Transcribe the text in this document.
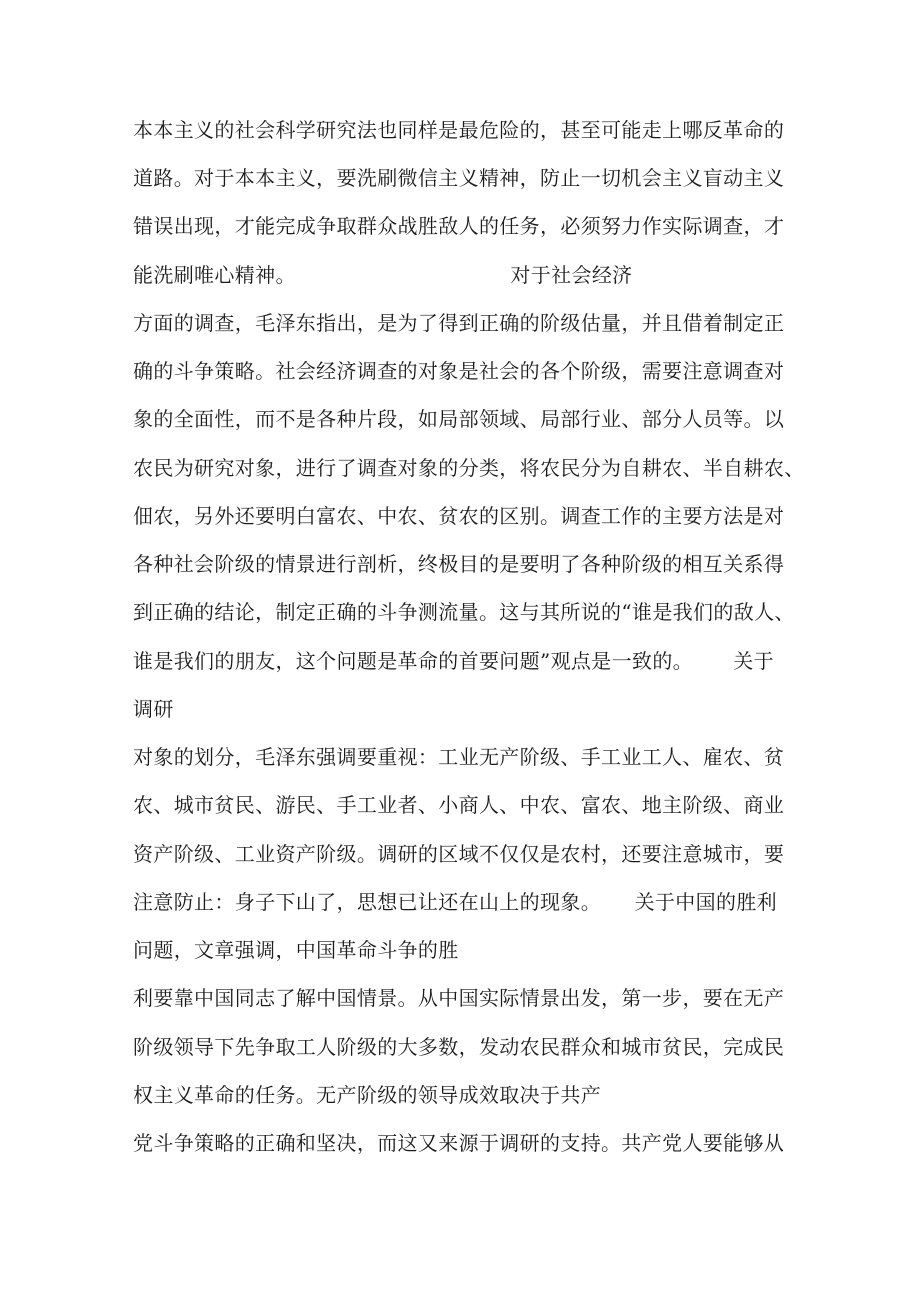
本本主义的社会科学研究法也同样是最危险的，甚至可能走上哪反革命的
道路。对于本本主义，要洗刷微信主义精神，防止一切机会主义盲动主义
错误出现，才能完成争取群众战胜敌人的任务，必须努力作实际调查，才
能洗刷唯心精神。                                对于社会经济
方面的调查，毛泽东指出，是为了得到正确的阶级估量，并且借着制定正
确的斗争策略。社会经济调查的对象是社会的各个阶级，需要注意调查对
象的全面性，而不是各种片段，如局部领域、局部行业、部分人员等。以
农民为研究对象，进行了调查对象的分类，将农民分为自耕农、半自耕农、
佃农，另外还要明白富农、中农、贫农的区别。调查工作的主要方法是对
各种社会阶级的情景进行剖析，终极目的是要明了各种阶级的相互关系得
到正确的结论，制定正确的斗争测流量。这与其所说的“谁是我们的敌人、
谁是我们的朋友，这个问题是革命的首要问题”观点是一致的。      关于
调研
对象的划分，毛泽东强调要重视：工业无产阶级、手工业工人、雇农、贫
农、城市贫民、游民、手工业者、小商人、中农、富农、地主阶级、商业
资产阶级、工业资产阶级。调研的区域不仅仅是农村，还要注意城市，要
注意防止：身子下山了，思想已让还在山上的现象。     关于中国的胜利
问题，文章强调，中国革命斗争的胜
利要靠中国同志了解中国情景。从中国实际情景出发，第一步，要在无产
阶级领导下先争取工人阶级的大多数，发动农民群众和城市贫民，完成民
权主义革命的任务。无产阶级的领导成效取决于共产
党斗争策略的正确和坚决，而这又来源于调研的支持。共产党人要能够从
